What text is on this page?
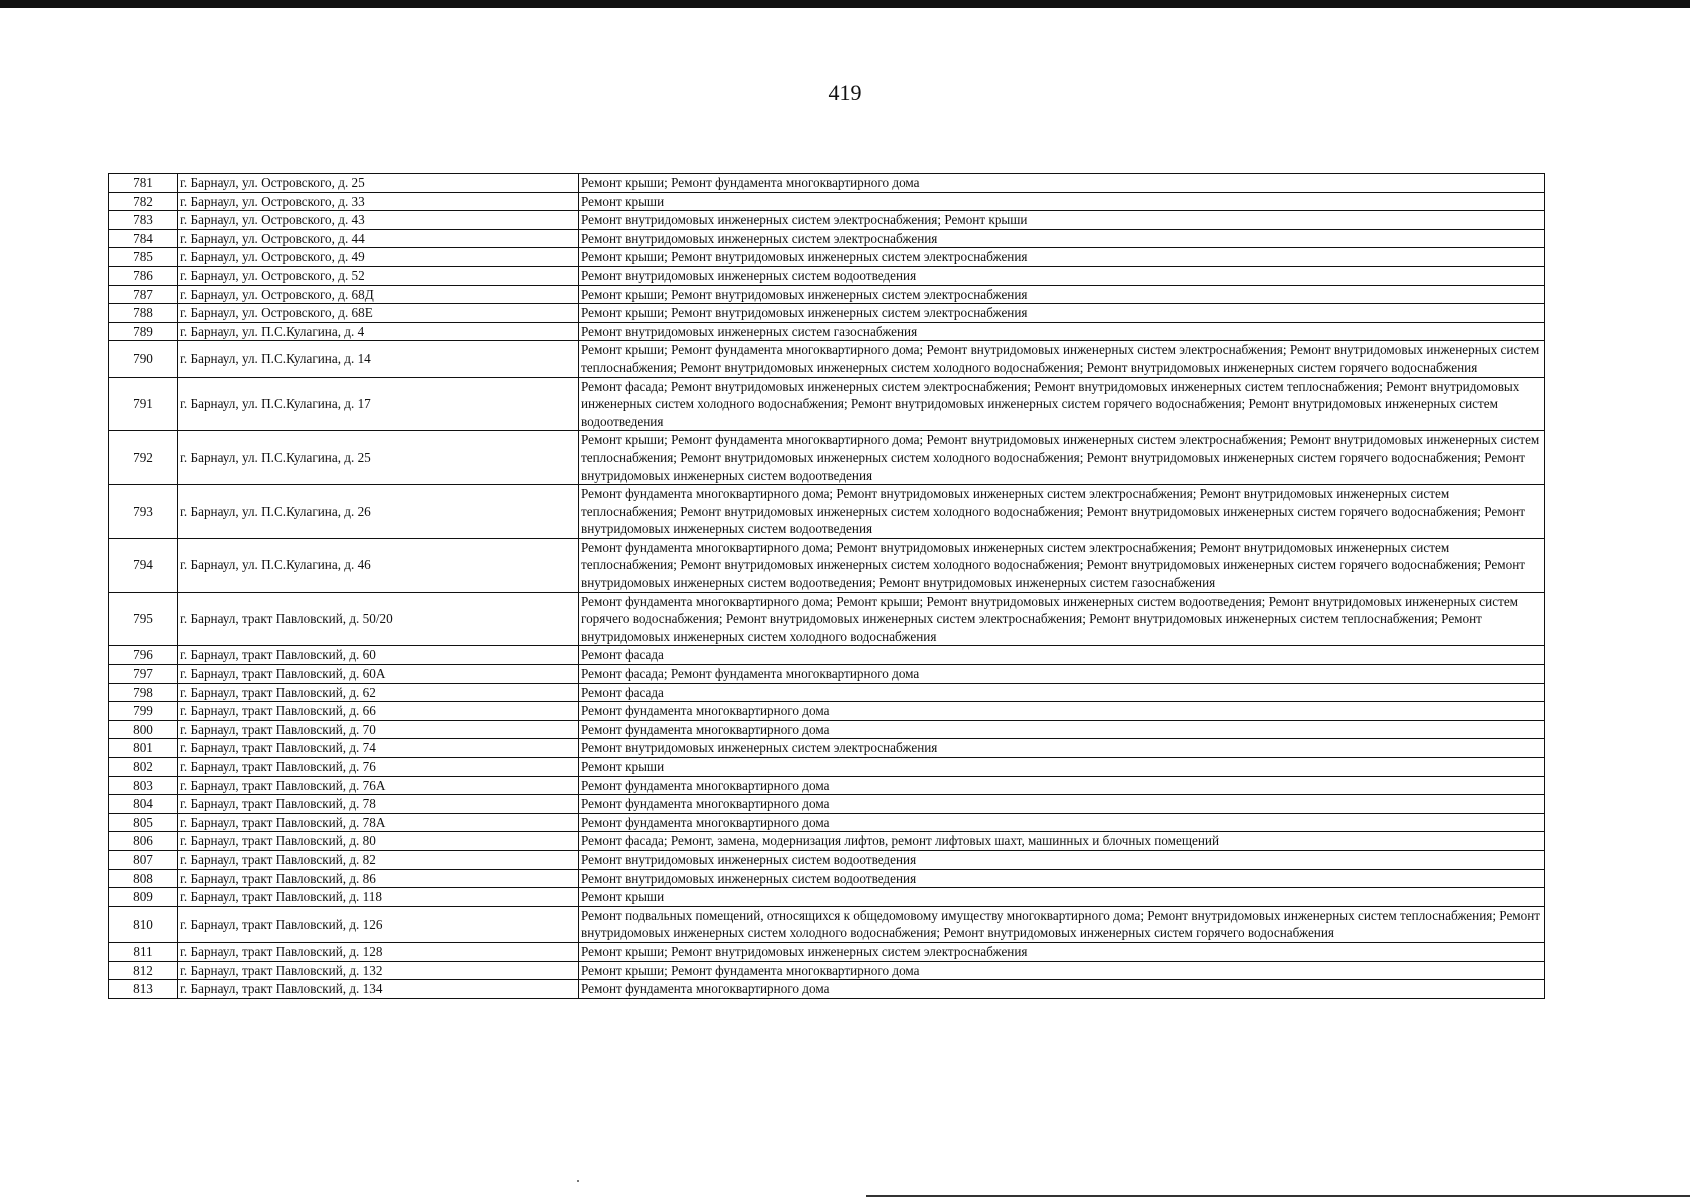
419
781	г. Барнаул, ул. Островского, д. 25	Ремонт крыши; Ремонт фундамента многоквартирного дома
782	г. Барнаул, ул. Островского, д. 33	Ремонт крыши
783	г. Барнаул, ул. Островского, д. 43	Ремонт внутридомовых инженерных систем электроснабжения; Ремонт крыши
784	г. Барнаул, ул. Островского, д. 44	Ремонт внутридомовых инженерных систем электроснабжения
785	г. Барнаул, ул. Островского, д. 49	Ремонт крыши; Ремонт внутридомовых инженерных систем электроснабжения
786	г. Барнаул, ул. Островского, д. 52	Ремонт внутридомовых инженерных систем водоотведения
787	г. Барнаул, ул. Островского, д. 68Д	Ремонт крыши; Ремонт внутридомовых инженерных систем электроснабжения
788	г. Барнаул, ул. Островского, д. 68Е	Ремонт крыши; Ремонт внутридомовых инженерных систем электроснабжения
789	г. Барнаул, ул. П.С.Кулагина, д. 4	Ремонт внутридомовых инженерных систем газоснабжения
790	г. Барнаул, ул. П.С.Кулагина, д. 14	Ремонт крыши; Ремонт фундамента многоквартирного дома; Ремонт внутридомовых инженерных систем электроснабжения; Ремонт внутридомовых инженерных систем теплоснабжения; Ремонт внутридомовых инженерных систем холодного водоснабжения; Ремонт внутридомовых инженерных систем горячего водоснабжения
791	г. Барнаул, ул. П.С.Кулагина, д. 17	Ремонт фасада; Ремонт внутридомовых инженерных систем электроснабжения; Ремонт внутридомовых инженерных систем теплоснабжения; Ремонт внутридомовых инженерных систем холодного водоснабжения; Ремонт внутридомовых инженерных систем горячего водоснабжения; Ремонт внутридомовых инженерных систем водоотведения
792	г. Барнаул, ул. П.С.Кулагина, д. 25	Ремонт крыши; Ремонт фундамента многоквартирного дома; Ремонт внутридомовых инженерных систем электроснабжения; Ремонт внутридомовых инженерных систем теплоснабжения; Ремонт внутридомовых инженерных систем холодного водоснабжения; Ремонт внутридомовых инженерных систем горячего водоснабжения; Ремонт внутридомовых инженерных систем водоотведения
793	г. Барнаул, ул. П.С.Кулагина, д. 26	Ремонт фундамента многоквартирного дома; Ремонт внутридомовых инженерных систем электроснабжения; Ремонт внутридомовых инженерных систем теплоснабжения; Ремонт внутридомовых инженерных систем холодного водоснабжения; Ремонт внутридомовых инженерных систем горячего водоснабжения; Ремонт внутридомовых инженерных систем водоотведения
794	г. Барнаул, ул. П.С.Кулагина, д. 46	Ремонт фундамента многоквартирного дома; Ремонт внутридомовых инженерных систем электроснабжения; Ремонт внутридомовых инженерных систем теплоснабжения; Ремонт внутридомовых инженерных систем холодного водоснабжения; Ремонт внутридомовых инженерных систем горячего водоснабжения; Ремонт внутридомовых инженерных систем водоотведения; Ремонт внутридомовых инженерных систем газоснабжения
795	г. Барнаул, тракт Павловский, д. 50/20	Ремонт фундамента многоквартирного дома; Ремонт крыши; Ремонт внутридомовых инженерных систем водоотведения; Ремонт внутридомовых инженерных систем горячего водоснабжения; Ремонт внутридомовых инженерных систем электроснабжения; Ремонт внутридомовых инженерных систем теплоснабжения; Ремонт внутридомовых инженерных систем холодного водоснабжения
796	г. Барнаул, тракт Павловский, д. 60	Ремонт фасада
797	г. Барнаул, тракт Павловский, д. 60А	Ремонт фасада; Ремонт фундамента многоквартирного дома
798	г. Барнаул, тракт Павловский, д. 62	Ремонт фасада
799	г. Барнаул, тракт Павловский, д. 66	Ремонт фундамента многоквартирного дома
800	г. Барнаул, тракт Павловский, д. 70	Ремонт фундамента многоквартирного дома
801	г. Барнаул, тракт Павловский, д. 74	Ремонт внутридомовых инженерных систем электроснабжения
802	г. Барнаул, тракт Павловский, д. 76	Ремонт крыши
803	г. Барнаул, тракт Павловский, д. 76А	Ремонт фундамента многоквартирного дома
804	г. Барнаул, тракт Павловский, д. 78	Ремонт фундамента многоквартирного дома
805	г. Барнаул, тракт Павловский, д. 78А	Ремонт фундамента многоквартирного дома
806	г. Барнаул, тракт Павловский, д. 80	Ремонт фасада; Ремонт, замена, модернизация лифтов, ремонт лифтовых шахт, машинных и блочных помещений
807	г. Барнаул, тракт Павловский, д. 82	Ремонт внутридомовых инженерных систем водоотведения
808	г. Барнаул, тракт Павловский, д. 86	Ремонт внутридомовых инженерных систем водоотведения
809	г. Барнаул, тракт Павловский, д. 118	Ремонт крыши
810	г. Барнаул, тракт Павловский, д. 126	Ремонт подвальных помещений, относящихся к общедомовому имуществу многоквартирного дома; Ремонт внутридомовых инженерных систем теплоснабжения; Ремонт внутридомовых инженерных систем холодного водоснабжения; Ремонт внутридомовых инженерных систем горячего водоснабжения
811	г. Барнаул, тракт Павловский, д. 128	Ремонт крыши; Ремонт внутридомовых инженерных систем электроснабжения
812	г. Барнаул, тракт Павловский, д. 132	Ремонт крыши; Ремонт фундамента многоквартирного дома
813	г. Барнаул, тракт Павловский, д. 134	Ремонт фундамента многоквартирного дома
